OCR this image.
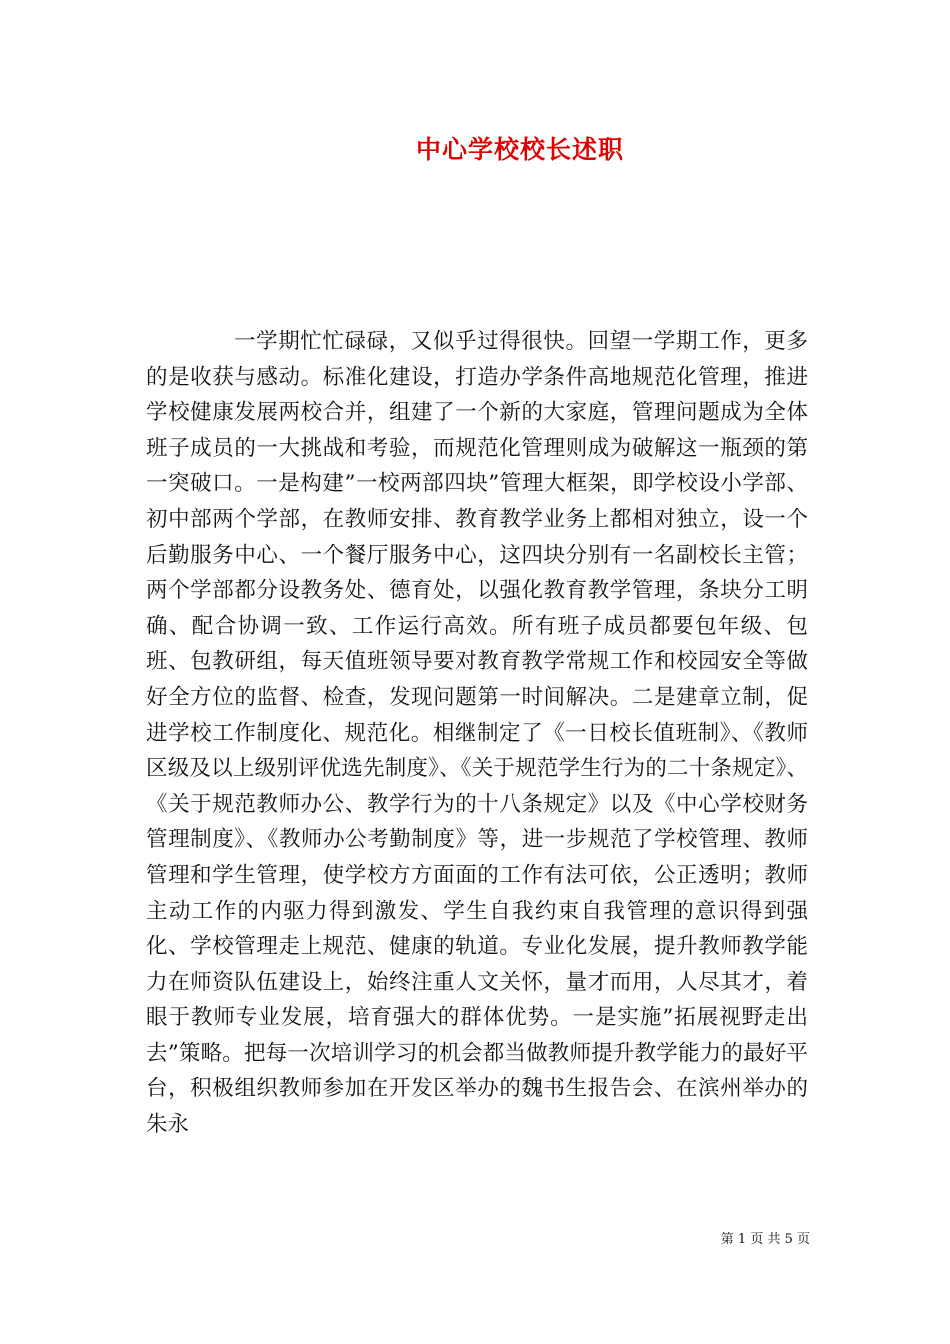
中心学校校长述职

一学期忙忙碌碌，又似乎过得很快。回望一学期工作，更多的是收获与感动。标准化建设，打造办学条件高地规范化管理，推进学校健康发展两校合并，组建了一个新的大家庭，管理问题成为全体班子成员的一大挑战和考验，而规范化管理则成为破解这一瓶颈的第一突破口。一是构建”一校两部四块”管理大框架，即学校设小学部、初中部两个学部，在教师安排、教育教学业务上都相对独立，设一个后勤服务中心、一个餐厅服务中心，这四块分别有一名副校长主管；两个学部都分设教务处、德育处，以强化教育教学管理，条块分工明确、配合协调一致、工作运行高效。所有班子成员都要包年级、包班、包教研组，每天值班领导要对教育教学常规工作和校园安全等做好全方位的监督、检查，发现问题第一时间解决。二是建章立制，促进学校工作制度化、规范化。相继制定了《一日校长值班制》、《教师区级及以上级别评优选先制度》、《关于规范学生行为的二十条规定》、《关于规范教师办公、教学行为的十八条规定》以及《中心学校财务管理制度》、《教师办公考勤制度》等，进一步规范了学校管理、教师管理和学生管理，使学校方方面面的工作有法可依，公正透明；教师主动工作的内驱力得到激发、学生自我约束自我管理的意识得到强化、学校管理走上规范、健康的轨道。专业化发展，提升教师教学能力在师资队伍建设上，始终注重人文关怀，量才而用，人尽其才，着眼于教师专业发展，培育强大的群体优势。一是实施”拓展视野走出去”策略。把每一次培训学习的机会都当做教师提升教学能力的最好平台，积极组织教师参加在开发区举办的魏书生报告会、在滨州举办的朱永

第 1 页 共 5 页
